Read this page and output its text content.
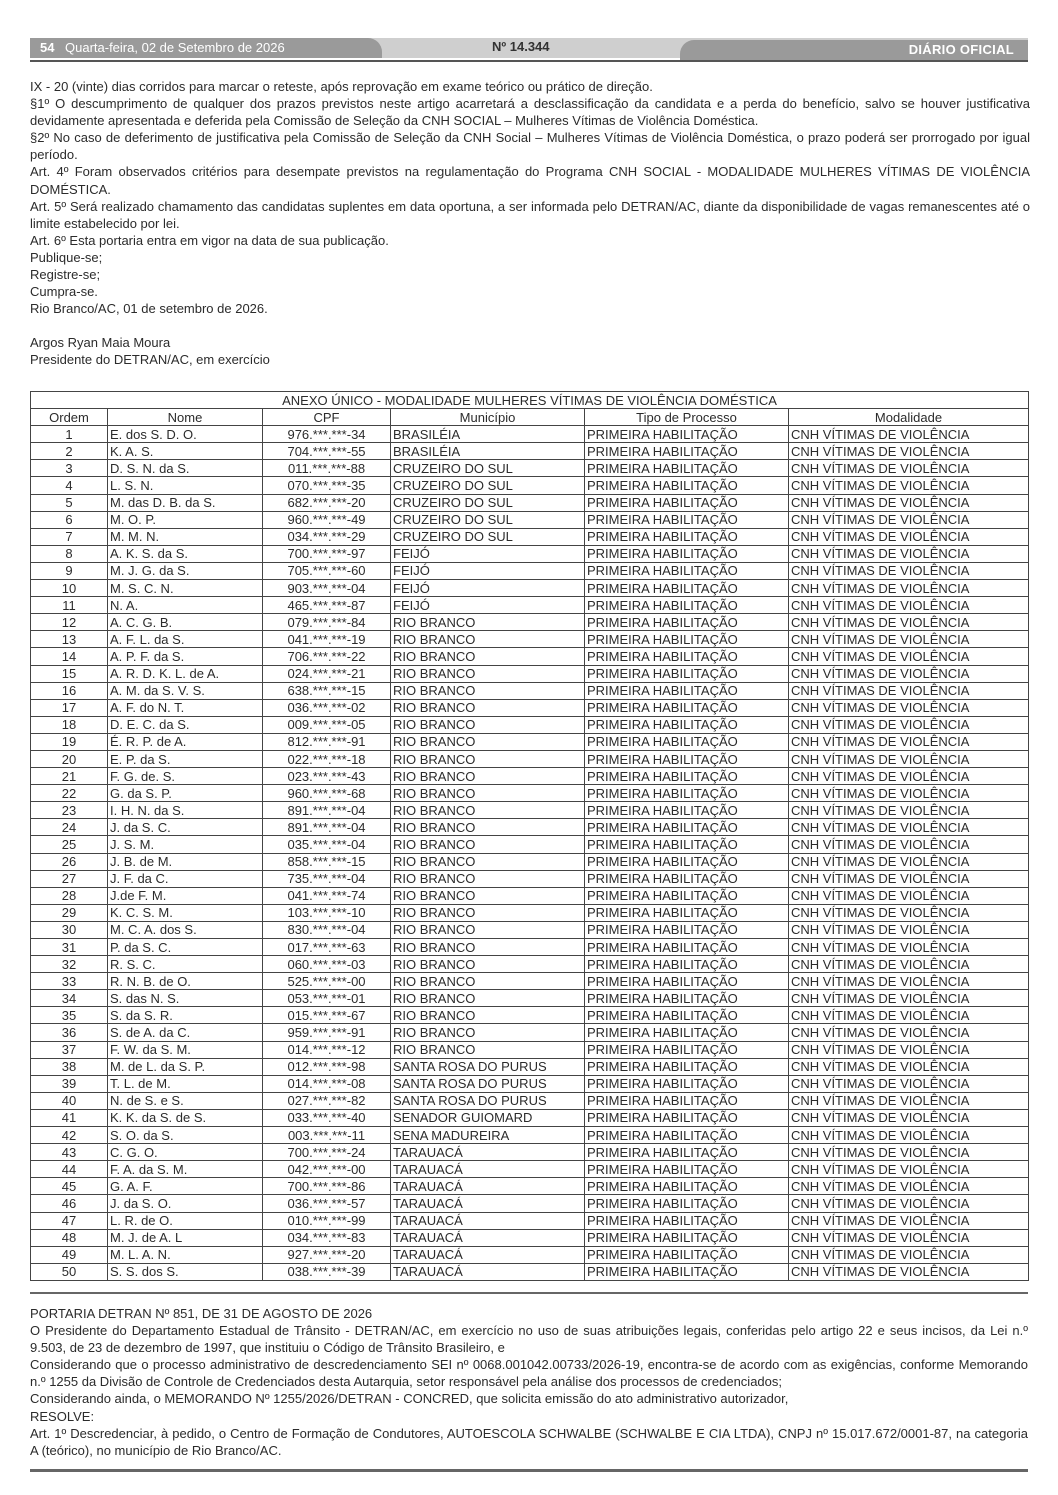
54 Quarta-feira, 02 de Setembro de 2026	Nº 14.344	DIÁRIO OFICIAL

IX - 20 (vinte) dias corridos para marcar o reteste, após reprovação em exame teórico ou prático de direção.

§1º O descumprimento de qualquer dos prazos previstos neste artigo acarretará a desclassificação da candidata e a perda do benefício, salvo se houver justificativa devidamente apresentada e deferida pela Comissão de Seleção da CNH SOCIAL – Mulheres Vítimas de Violência Doméstica.

§2º No caso de deferimento de justificativa pela Comissão de Seleção da CNH Social – Mulheres Vítimas de Violência Doméstica, o prazo poderá ser prorrogado por igual período.

Art. 4º Foram observados critérios para desempate previstos na regulamentação do Programa CNH SOCIAL - MODALIDADE MULHERES VÍTIMAS DE VIOLÊNCIA DOMÉSTICA.

Art. 5º Será realizado chamamento das candidatas suplentes em data oportuna, a ser informada pelo DETRAN/AC, diante da disponibilidade de vagas remanescentes até o limite estabelecido por lei.

Art. 6º Esta portaria entra em vigor na data de sua publicação.

Publique-se;

Registre-se;

Cumpra-se.

Rio Branco/AC, 01 de setembro de 2026.

Argos Ryan Maia Moura

Presidente do DETRAN/AC, em exercício

ANEXO ÚNICO - MODALIDADE MULHERES VÍTIMAS DE VIOLÊNCIA DOMÉSTICA					
Ordem	Nome	CPF	Município	Tipo de Processo	Modalidade
1	E. dos S. D. O.	976.***.***-34	BRASILÉIA	PRIMEIRA HABILITAÇÃO	CNH VÍTIMAS DE VIOLÊNCIA
2	K. A. S.	704.***.***-55	BRASILÉIA	PRIMEIRA HABILITAÇÃO	CNH VÍTIMAS DE VIOLÊNCIA
3	D. S. N. da S.	011.***.***-88	CRUZEIRO DO SUL	PRIMEIRA HABILITAÇÃO	CNH VÍTIMAS DE VIOLÊNCIA
4	L. S. N.	070.***.***-35	CRUZEIRO DO SUL	PRIMEIRA HABILITAÇÃO	CNH VÍTIMAS DE VIOLÊNCIA
5	M. das D. B. da S.	682.***.***-20	CRUZEIRO DO SUL	PRIMEIRA HABILITAÇÃO	CNH VÍTIMAS DE VIOLÊNCIA
6	M. O. P.	960.***.***-49	CRUZEIRO DO SUL	PRIMEIRA HABILITAÇÃO	CNH VÍTIMAS DE VIOLÊNCIA
7	M. M. N.	034.***.***-29	CRUZEIRO DO SUL	PRIMEIRA HABILITAÇÃO	CNH VÍTIMAS DE VIOLÊNCIA
8	A. K. S. da S.	700.***.***-97	FEIJÓ	PRIMEIRA HABILITAÇÃO	CNH VÍTIMAS DE VIOLÊNCIA
9	M. J. G. da S.	705.***.***-60	FEIJÓ	PRIMEIRA HABILITAÇÃO	CNH VÍTIMAS DE VIOLÊNCIA
10	M. S. C. N.	903.***.***-04	FEIJÓ	PRIMEIRA HABILITAÇÃO	CNH VÍTIMAS DE VIOLÊNCIA
11	N. A.	465.***.***-87	FEIJÓ	PRIMEIRA HABILITAÇÃO	CNH VÍTIMAS DE VIOLÊNCIA
12	A. C. G. B.	079.***.***-84	RIO BRANCO	PRIMEIRA HABILITAÇÃO	CNH VÍTIMAS DE VIOLÊNCIA
13	A. F. L. da S.	041.***.***-19	RIO BRANCO	PRIMEIRA HABILITAÇÃO	CNH VÍTIMAS DE VIOLÊNCIA
14	A. P. F. da S.	706.***.***-22	RIO BRANCO	PRIMEIRA HABILITAÇÃO	CNH VÍTIMAS DE VIOLÊNCIA
15	A. R. D. K. L. de A.	024.***.***-21	RIO BRANCO	PRIMEIRA HABILITAÇÃO	CNH VÍTIMAS DE VIOLÊNCIA
16	A. M. da S. V. S.	638.***.***-15	RIO BRANCO	PRIMEIRA HABILITAÇÃO	CNH VÍTIMAS DE VIOLÊNCIA
17	A. F. do N. T.	036.***.***-02	RIO BRANCO	PRIMEIRA HABILITAÇÃO	CNH VÍTIMAS DE VIOLÊNCIA
18	D. E. C. da S.	009.***.***-05	RIO BRANCO	PRIMEIRA HABILITAÇÃO	CNH VÍTIMAS DE VIOLÊNCIA
19	É. R. P. de A.	812.***.***-91	RIO BRANCO	PRIMEIRA HABILITAÇÃO	CNH VÍTIMAS DE VIOLÊNCIA
20	E. P. da S.	022.***.***-18	RIO BRANCO	PRIMEIRA HABILITAÇÃO	CNH VÍTIMAS DE VIOLÊNCIA
21	F. G. de. S.	023.***.***-43	RIO BRANCO	PRIMEIRA HABILITAÇÃO	CNH VÍTIMAS DE VIOLÊNCIA
22	G. da S. P.	960.***.***-68	RIO BRANCO	PRIMEIRA HABILITAÇÃO	CNH VÍTIMAS DE VIOLÊNCIA
23	I. H. N. da S.	891.***.***-04	RIO BRANCO	PRIMEIRA HABILITAÇÃO	CNH VÍTIMAS DE VIOLÊNCIA
24	J. da S. C.	891.***.***-04	RIO BRANCO	PRIMEIRA HABILITAÇÃO	CNH VÍTIMAS DE VIOLÊNCIA
25	J. S. M.	035.***.***-04	RIO BRANCO	PRIMEIRA HABILITAÇÃO	CNH VÍTIMAS DE VIOLÊNCIA
26	J. B. de M.	858.***.***-15	RIO BRANCO	PRIMEIRA HABILITAÇÃO	CNH VÍTIMAS DE VIOLÊNCIA
27	J. F. da C.	735.***.***-04	RIO BRANCO	PRIMEIRA HABILITAÇÃO	CNH VÍTIMAS DE VIOLÊNCIA
28	J.de F. M.	041.***.***-74	RIO BRANCO	PRIMEIRA HABILITAÇÃO	CNH VÍTIMAS DE VIOLÊNCIA
29	K. C. S. M.	103.***.***-10	RIO BRANCO	PRIMEIRA HABILITAÇÃO	CNH VÍTIMAS DE VIOLÊNCIA
30	M. C. A. dos S.	830.***.***-04	RIO BRANCO	PRIMEIRA HABILITAÇÃO	CNH VÍTIMAS DE VIOLÊNCIA
31	P. da S. C.	017.***.***-63	RIO BRANCO	PRIMEIRA HABILITAÇÃO	CNH VÍTIMAS DE VIOLÊNCIA
32	R. S. C.	060.***.***-03	RIO BRANCO	PRIMEIRA HABILITAÇÃO	CNH VÍTIMAS DE VIOLÊNCIA
33	R. N. B. de O.	525.***.***-00	RIO BRANCO	PRIMEIRA HABILITAÇÃO	CNH VÍTIMAS DE VIOLÊNCIA
34	S. das N. S.	053.***.***-01	RIO BRANCO	PRIMEIRA HABILITAÇÃO	CNH VÍTIMAS DE VIOLÊNCIA
35	S. da S. R.	015.***.***-67	RIO BRANCO	PRIMEIRA HABILITAÇÃO	CNH VÍTIMAS DE VIOLÊNCIA
36	S. de A. da C.	959.***.***-91	RIO BRANCO	PRIMEIRA HABILITAÇÃO	CNH VÍTIMAS DE VIOLÊNCIA
37	F. W. da S. M.	014.***.***-12	RIO BRANCO	PRIMEIRA HABILITAÇÃO	CNH VÍTIMAS DE VIOLÊNCIA
38	M. de L. da S. P.	012.***.***-98	SANTA ROSA DO PURUS	PRIMEIRA HABILITAÇÃO	CNH VÍTIMAS DE VIOLÊNCIA
39	T. L. de M.	014.***.***-08	SANTA ROSA DO PURUS	PRIMEIRA HABILITAÇÃO	CNH VÍTIMAS DE VIOLÊNCIA
40	N. de S. e S.	027.***.***-82	SANTA ROSA DO PURUS	PRIMEIRA HABILITAÇÃO	CNH VÍTIMAS DE VIOLÊNCIA
41	K. K. da S. de S.	033.***.***-40	SENADOR GUIOMARD	PRIMEIRA HABILITAÇÃO	CNH VÍTIMAS DE VIOLÊNCIA
42	S. O. da S.	003.***.***-11	SENA MADUREIRA	PRIMEIRA HABILITAÇÃO	CNH VÍTIMAS DE VIOLÊNCIA
43	C. G. O.	700.***.***-24	TARAUACÁ	PRIMEIRA HABILITAÇÃO	CNH VÍTIMAS DE VIOLÊNCIA
44	F. A. da S. M.	042.***.***-00	TARAUACÁ	PRIMEIRA HABILITAÇÃO	CNH VÍTIMAS DE VIOLÊNCIA
45	G. A. F.	700.***.***-86	TARAUACÁ	PRIMEIRA HABILITAÇÃO	CNH VÍTIMAS DE VIOLÊNCIA
46	J. da S. O.	036.***.***-57	TARAUACÁ	PRIMEIRA HABILITAÇÃO	CNH VÍTIMAS DE VIOLÊNCIA
47	L. R. de O.	010.***.***-99	TARAUACÁ	PRIMEIRA HABILITAÇÃO	CNH VÍTIMAS DE VIOLÊNCIA
48	M. J. de A. L	034.***.***-83	TARAUACÁ	PRIMEIRA HABILITAÇÃO	CNH VÍTIMAS DE VIOLÊNCIA
49	M. L. A. N.	927.***.***-20	TARAUACÁ	PRIMEIRA HABILITAÇÃO	CNH VÍTIMAS DE VIOLÊNCIA
50	S. S. dos S.	038.***.***-39	TARAUACÁ	PRIMEIRA HABILITAÇÃO	CNH VÍTIMAS DE VIOLÊNCIA

PORTARIA DETRAN Nº 851, DE 31 DE AGOSTO DE 2026

O Presidente do Departamento Estadual de Trânsito - DETRAN/AC, em exercício no uso de suas atribuições legais, conferidas pelo artigo 22 e seus incisos, da Lei n.º 9.503, de 23 de dezembro de 1997, que instituiu o Código de Trânsito Brasileiro, e

Considerando que o processo administrativo de descredenciamento SEI nº 0068.001042.00733/2026-19, encontra-se de acordo com as exigências, conforme Memorando n.º 1255 da Divisão de Controle de Credenciados desta Autarquia, setor responsável pela análise dos processos de credenciados;

Considerando ainda, o MEMORANDO Nº 1255/2026/DETRAN - CONCRED, que solicita emissão do ato administrativo autorizador,

RESOLVE:

Art. 1º Descredenciar, à pedido, o Centro de Formação de Condutores, AUTOESCOLA SCHWALBE (SCHWALBE E CIA LTDA), CNPJ nº 15.017.672/0001-87, na categoria A (teórico), no município de Rio Branco/AC.
